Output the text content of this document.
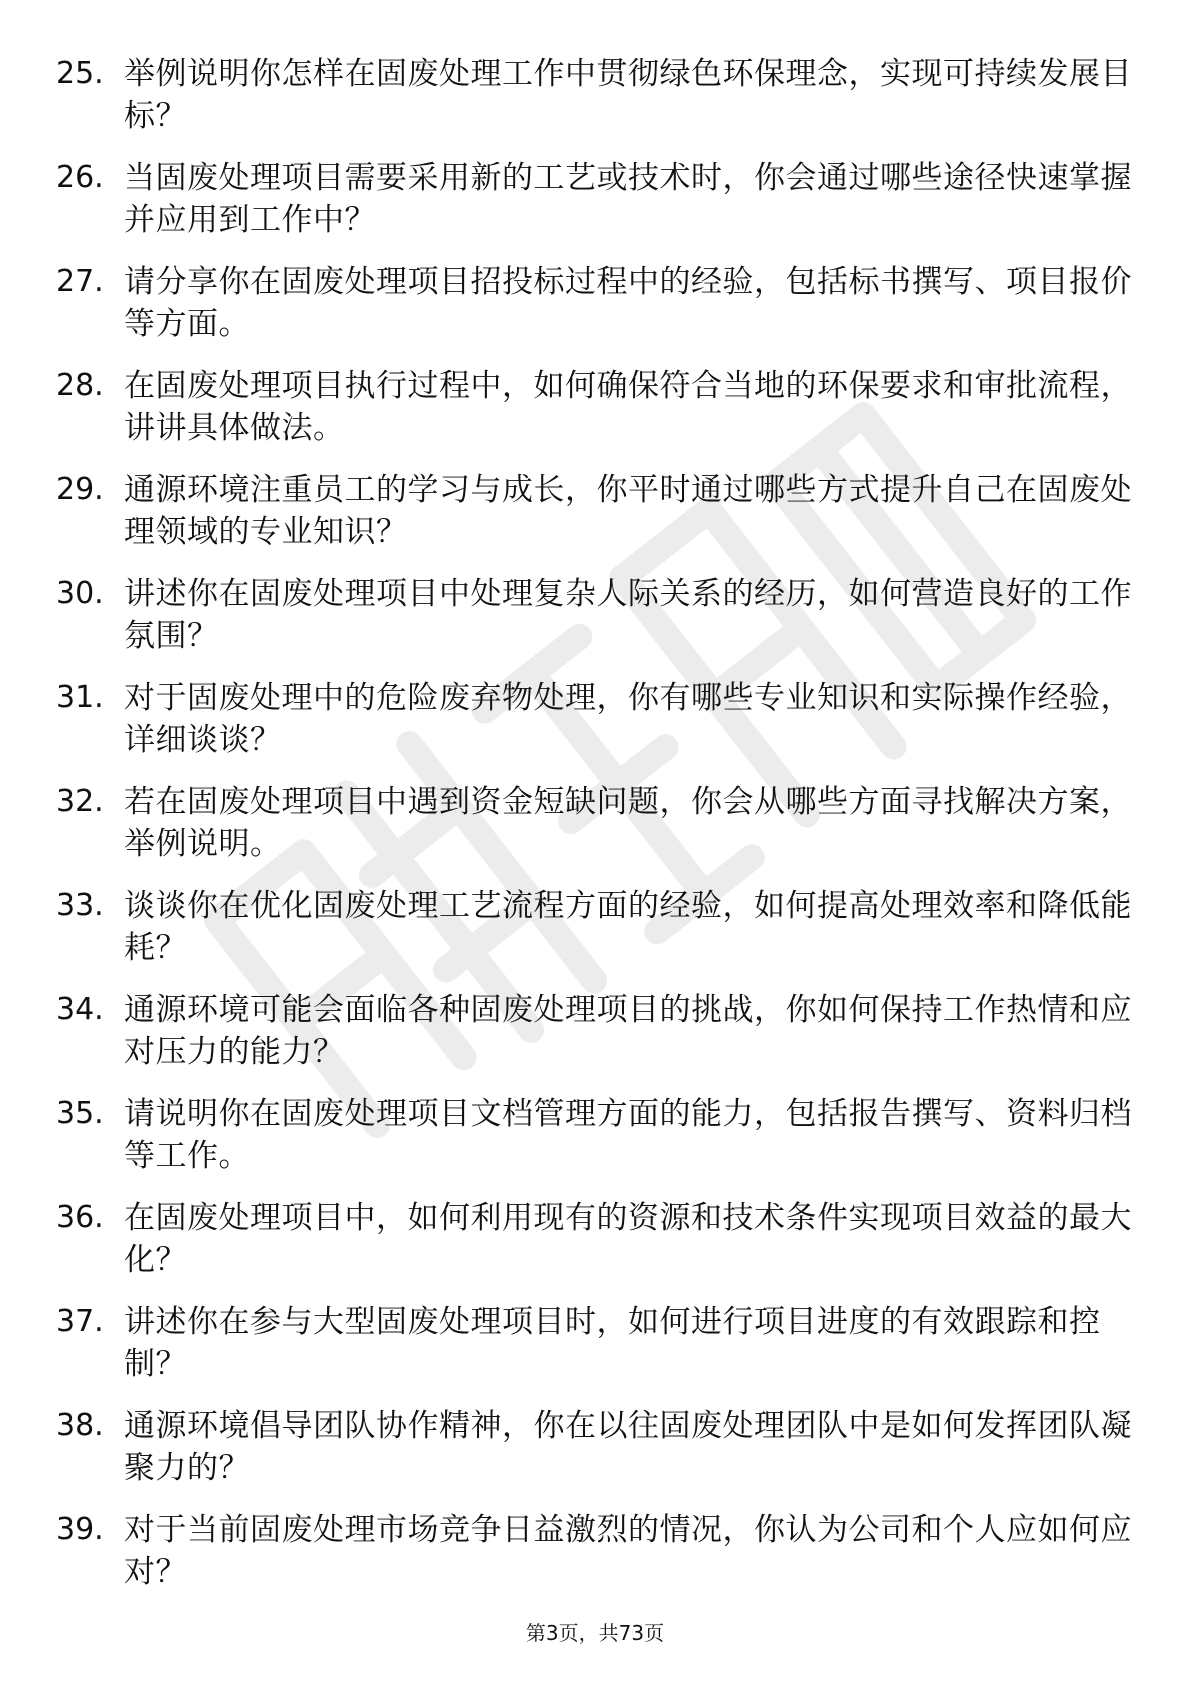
25. 举例说明你怎样在固废处理工作中贯彻绿色环保理念，实现可持续发展目标？
26. 当固废处理项目需要采用新的工艺或技术时，你会通过哪些途径快速掌握并应用到工作中？
27. 请分享你在固废处理项目招投标过程中的经验，包括标书撰写、项目报价等方面。
28. 在固废处理项目执行过程中，如何确保符合当地的环保要求和审批流程，讲讲具体做法。
29. 通源环境注重员工的学习与成长，你平时通过哪些方式提升自己在固废处理领域的专业知识？
30. 讲述你在固废处理项目中处理复杂人际关系的经历，如何营造良好的工作氛围？
31. 对于固废处理中的危险废弃物处理，你有哪些专业知识和实际操作经验，详细谈谈？
32. 若在固废处理项目中遇到资金短缺问题，你会从哪些方面寻找解决方案，举例说明。
33. 谈谈你在优化固废处理工艺流程方面的经验，如何提高处理效率和降低能耗？
34. 通源环境可能会面临各种固废处理项目的挑战，你如何保持工作热情和应对压力的能力？
35. 请说明你在固废处理项目文档管理方面的能力，包括报告撰写、资料归档等工作。
36. 在固废处理项目中，如何利用现有的资源和技术条件实现项目效益的最大化？
37. 讲述你在参与大型固废处理项目时，如何进行项目进度的有效跟踪和控制？
38. 通源环境倡导团队协作精神，你在以往固废处理团队中是如何发挥团队凝聚力的？
39. 对于当前固废处理市场竞争日益激烈的情况，你认为公司和个人应如何应对？
第3页，共73页
